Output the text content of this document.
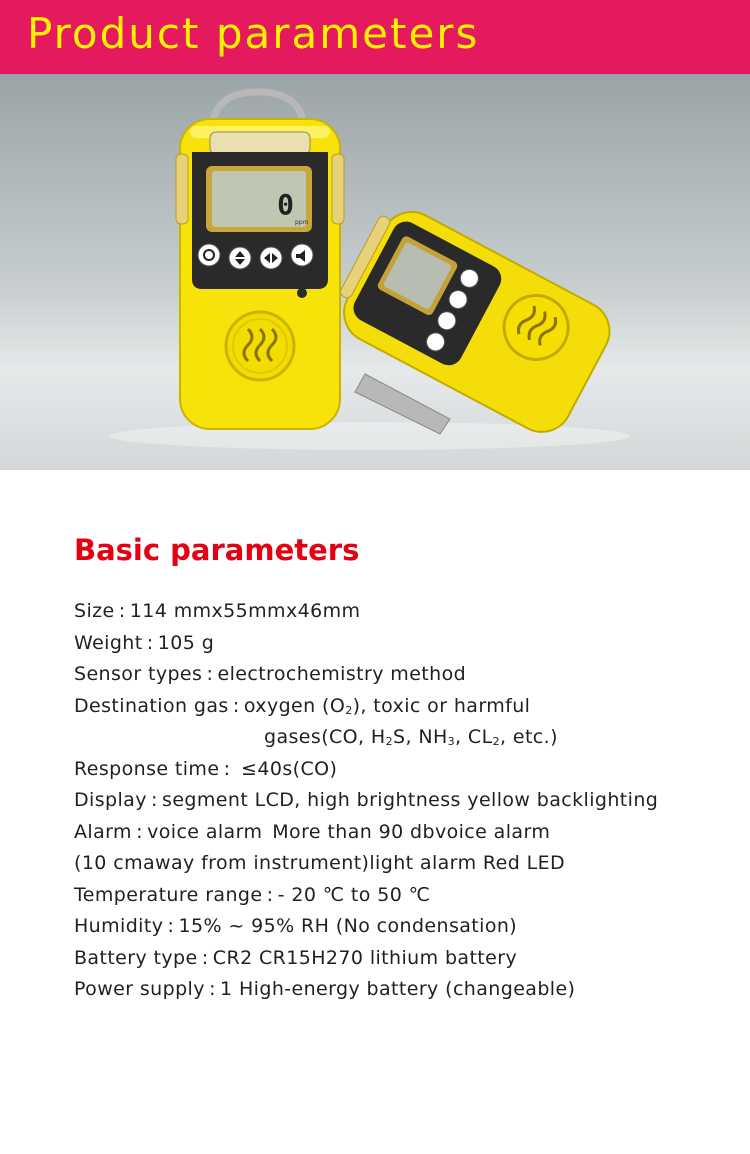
Product parameters
0
ppm
Basic parameters
Size : 114 mmx55mmx46mm
Weight : 105 g
Sensor types : electrochemistry method
Destination gas : oxygen $(O_2)$, toxic or harmful
gases(CO, $H_2S$, $NH_3$, $CL_2$, etc.)
Response time :  ≤40s(CO)
Display : segment LCD, high brightness yellow backlighting
Alarm : voice alarm More than 90 dbvoice alarm
(10 cmaway from instrument)light alarm Red LED
Temperature range : - 20 ℃ to 50 ℃
Humidity : 15% ~ 95% RH (No condensation)
Battery type : CR2 CR15H270 lithium battery
Power supply : 1 High-energy battery (changeable)
